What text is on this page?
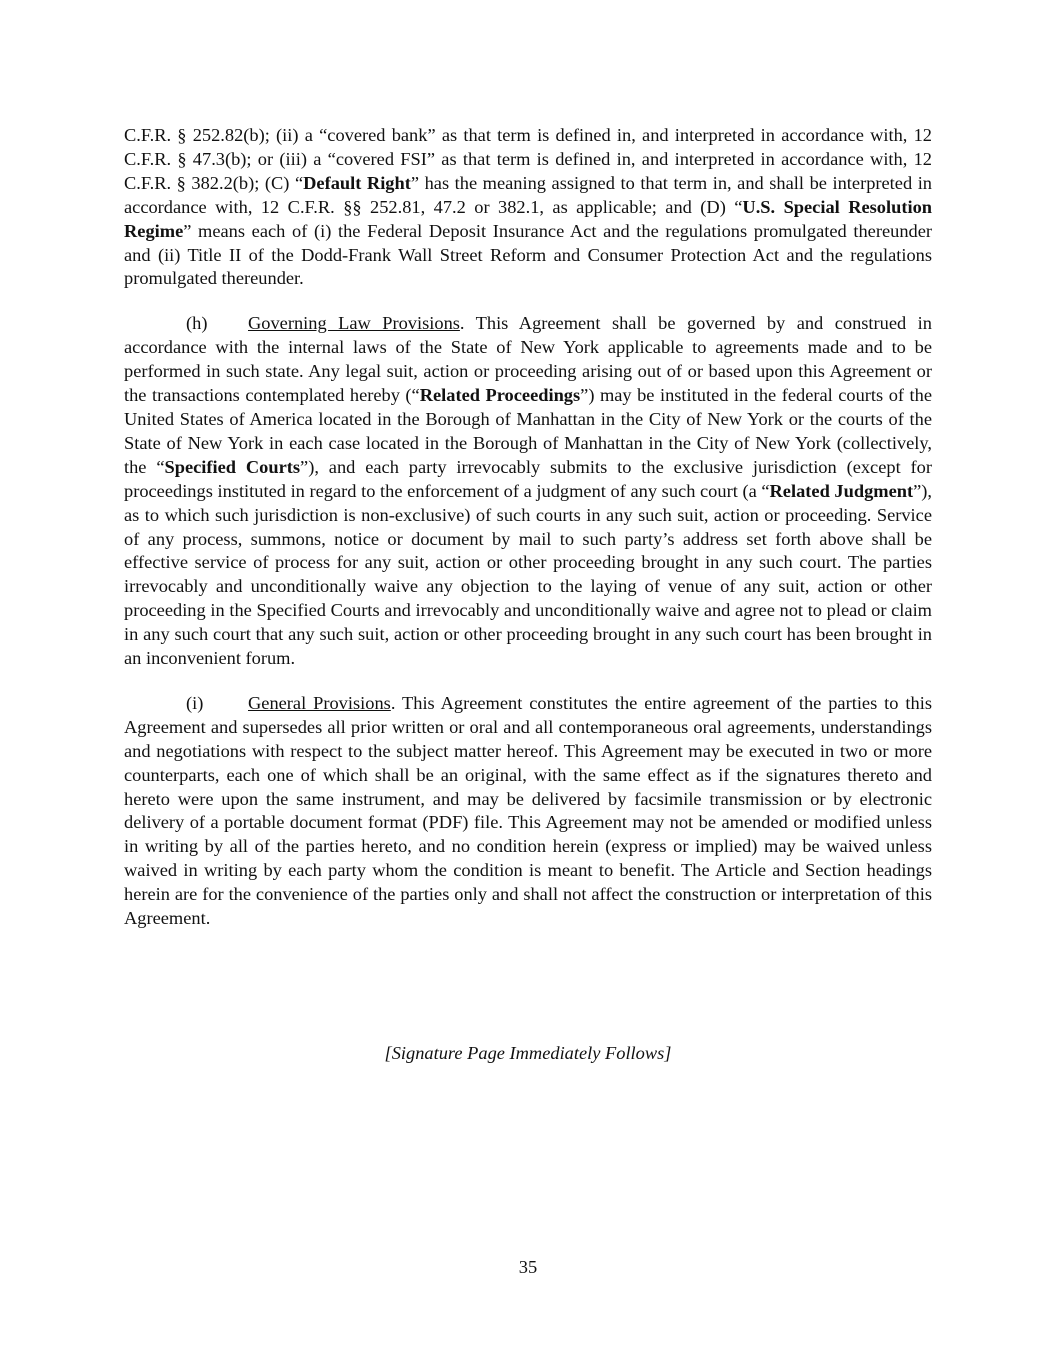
C.F.R. § 252.82(b); (ii) a “covered bank” as that term is defined in, and interpreted in accordance with, 12 C.F.R. § 47.3(b); or (iii) a “covered FSI” as that term is defined in, and interpreted in accordance with, 12 C.F.R. § 382.2(b); (C) “Default Right” has the meaning assigned to that term in, and shall be interpreted in accordance with, 12 C.F.R. §§ 252.81, 47.2 or 382.1, as applicable; and (D) “U.S. Special Resolution Regime” means each of (i) the Federal Deposit Insurance Act and the regulations promulgated thereunder and (ii) Title II of the Dodd-Frank Wall Street Reform and Consumer Protection Act and the regulations promulgated thereunder.

(h) Governing Law Provisions. This Agreement shall be governed by and construed in accordance with the internal laws of the State of New York applicable to agreements made and to be performed in such state. Any legal suit, action or proceeding arising out of or based upon this Agreement or the transactions contemplated hereby (“Related Proceedings”) may be instituted in the federal courts of the United States of America located in the Borough of Manhattan in the City of New York or the courts of the State of New York in each case located in the Borough of Manhattan in the City of New York (collectively, the “Specified Courts”), and each party irrevocably submits to the exclusive jurisdiction (except for proceedings instituted in regard to the enforcement of a judgment of any such court (a “Related Judgment”), as to which such jurisdiction is non-exclusive) of such courts in any such suit, action or proceeding. Service of any process, summons, notice or document by mail to such party’s address set forth above shall be effective service of process for any suit, action or other proceeding brought in any such court. The parties irrevocably and unconditionally waive any objection to the laying of venue of any suit, action or other proceeding in the Specified Courts and irrevocably and unconditionally waive and agree not to plead or claim in any such court that any such suit, action or other proceeding brought in any such court has been brought in an inconvenient forum.

(i) General Provisions. This Agreement constitutes the entire agreement of the parties to this Agreement and supersedes all prior written or oral and all contemporaneous oral agreements, understandings and negotiations with respect to the subject matter hereof. This Agreement may be executed in two or more counterparts, each one of which shall be an original, with the same effect as if the signatures thereto and hereto were upon the same instrument, and may be delivered by facsimile transmission or by electronic delivery of a portable document format (PDF) file. This Agreement may not be amended or modified unless in writing by all of the parties hereto, and no condition herein (express or implied) may be waived unless waived in writing by each party whom the condition is meant to benefit. The Article and Section headings herein are for the convenience of the parties only and shall not affect the construction or interpretation of this Agreement.

[Signature Page Immediately Follows]
35
